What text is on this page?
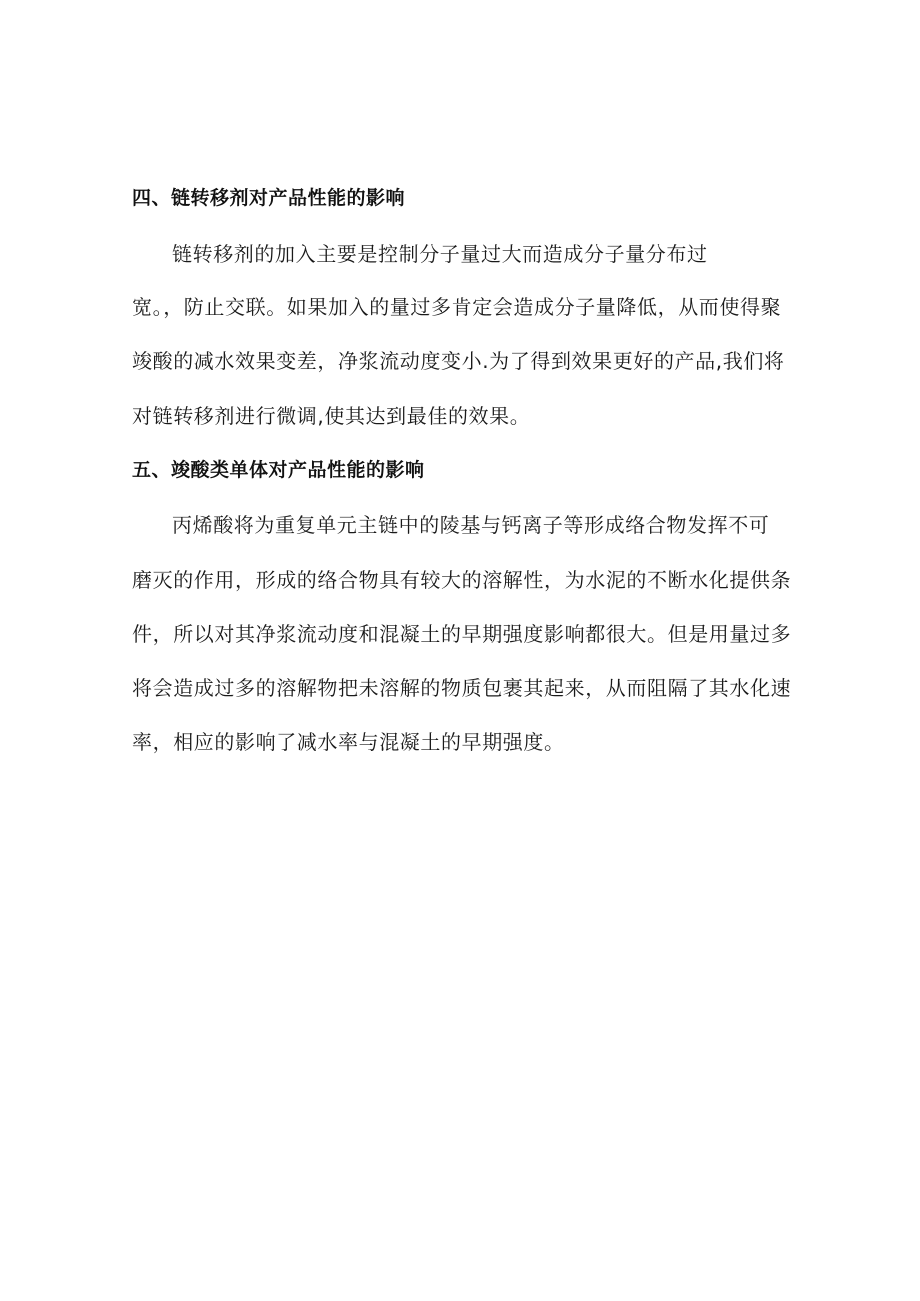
四、链转移剂对产品性能的影响
链转移剂的加入主要是控制分子量过大而造成分子量分布过
宽。，防止交联。如果加入的量过多肯定会造成分子量降低，从而使得聚
竣酸的减水效果变差，净浆流动度变小.为了得到效果更好的产品,我们将
对链转移剂进行微调,使其达到最佳的效果。
五、竣酸类单体对产品性能的影响
丙烯酸将为重复单元主链中的陵基与钙离子等形成络合物发挥不可
磨灭的作用，形成的络合物具有较大的溶解性，为水泥的不断水化提供条
件，所以对其净浆流动度和混凝土的早期强度影响都很大。但是用量过多
将会造成过多的溶解物把未溶解的物质包裹其起来，从而阻隔了其水化速
率，相应的影响了减水率与混凝土的早期强度。
